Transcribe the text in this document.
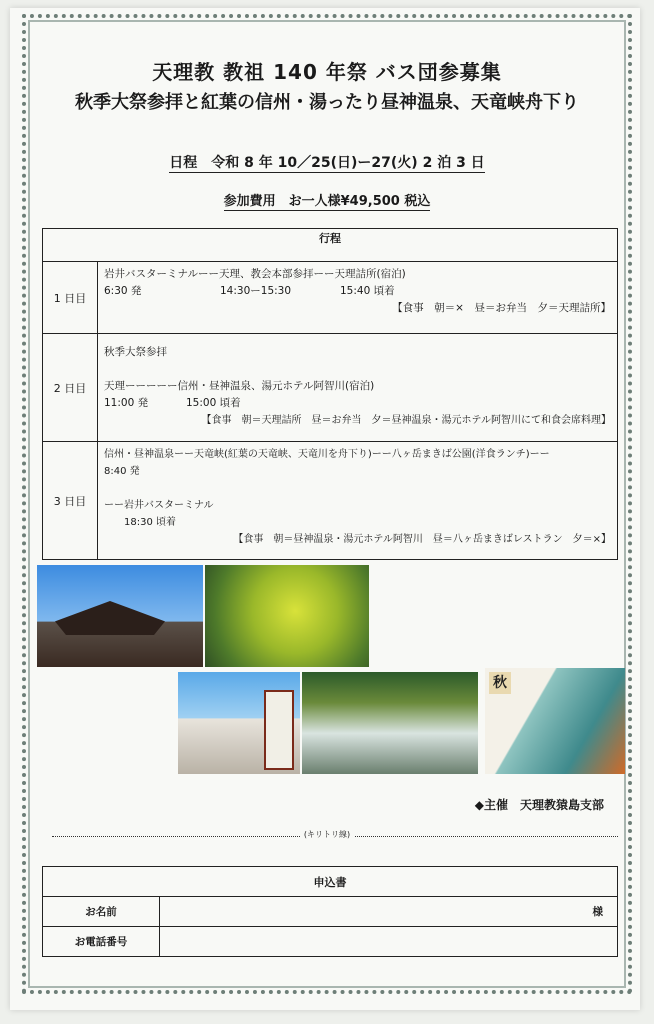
天理教 教祖 140 年祭 バス団参募集
秋季大祭参拝と紅葉の信州・湯ったり昼神温泉、天竜峡舟下り
日程　令和 8 年 10／25(日)ー27(火) 2 泊 3 日
参加費用　お一人様¥49,500 税込
行程	
1 日目	岩井バスターミナルーー天理、教会本部参拝ーー天理詰所(宿泊)
6:30 発 14:30ー15:30 15:40 頃着
【食事　朝＝×　昼＝お弁当　夕＝天理詰所】

2 日目	秋季大祭参拝
天理ーーーーー信州・昼神温泉、湯元ホテル阿智川(宿泊)
11:00 発 15:00 頃着
【食事　朝＝天理詰所　昼＝お弁当　夕＝昼神温泉・湯元ホテル阿智川にて和食会席料理】

3 日目	信州・昼神温泉ーー天竜峡(紅葉の天竜峡、天竜川を舟下り)ーー八ヶ岳まきば公園(洋食ランチ)ーー
8:40 発
ーー岩井バスターミナル
　　18:30 頃着
【食事　朝＝昼神温泉・湯元ホテル阿智川　昼＝八ヶ岳まきばレストラン　夕＝×】
秋
◆主催　天理教猿島支部
(キリトリ線)
申込書	
お名前	様
お電話番号	
